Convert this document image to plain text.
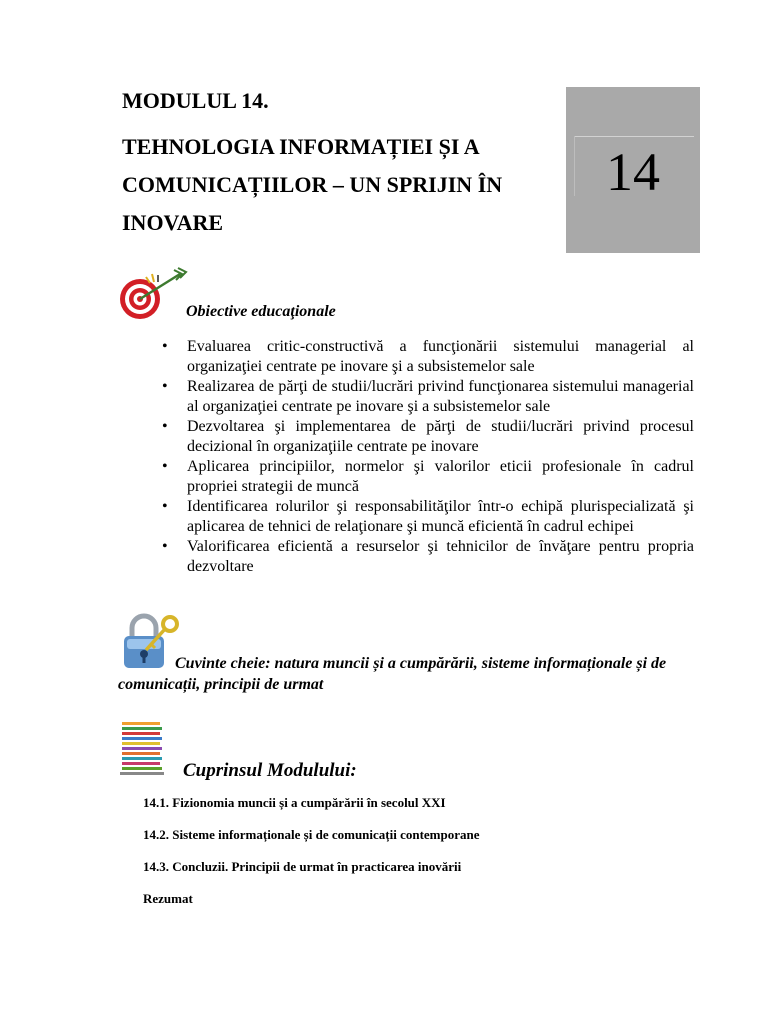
MODULUL 14.
TEHNOLOGIA INFORMAȚIEI ȘI A COMUNICAȚIILOR – UN SPRIJIN ÎN INOVARE
14
Obiective educaţionale
• Evaluarea critic-constructivă a funcţionării sistemului managerial al organizaţiei centrate pe inovare şi a subsistemelor sale
• Realizarea de părţi de studii/lucrări privind funcţionarea sistemului managerial al organizaţiei centrate pe inovare şi a subsistemelor sale
• Dezvoltarea şi implementarea de părţi de studii/lucrări privind procesul decizional în organizaţiile centrate pe inovare
• Aplicarea principiilor, normelor şi valorilor eticii profesionale în cadrul propriei strategii de muncă
• Identificarea rolurilor şi responsabilităţilor într-o echipă plurispecializată şi aplicarea de tehnici de relaţionare şi muncă eficientă în cadrul echipei
• Valorificarea eficientă a resurselor şi tehnicilor de învăţare pentru propria dezvoltare
Cuvinte cheie: natura muncii și a cumpărării, sisteme informaționale și de comunicații, principii de urmat
Cuprinsul Modulului:
14.1. Fizionomia muncii și a cumpărării în secolul XXI
14.2. Sisteme informaționale și de comunicații contemporane
14.3. Concluzii. Principii de urmat în practicarea inovării
Rezumat
